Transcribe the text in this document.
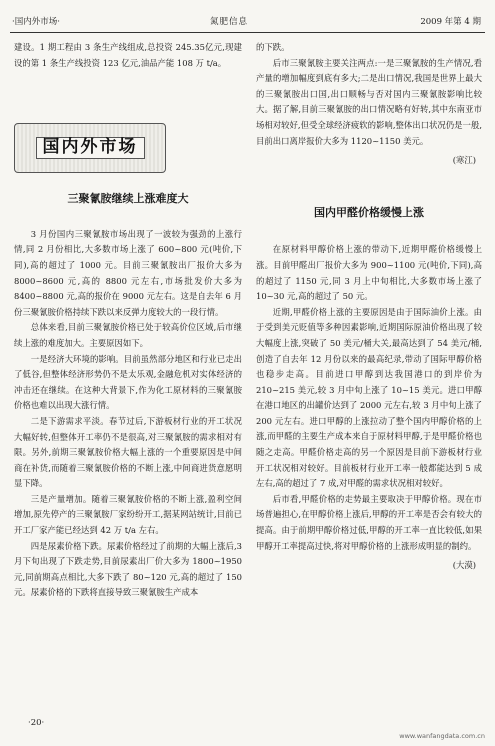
·国内外市场·	氮肥信息	2009 年第 4 期

建设。1 期工程由 3 条生产线组成,总投资 245.35亿元,现建设的第 1 条生产线投资 123 亿元,油品产能 108 万 t/a。

国内外市场
三聚氰胺继续上涨难度大

3 月份国内三聚氰胺市场出现了一波较为强劲的上涨行情,同 2 月份相比,大多数市场上涨了 600~800 元(吨价,下同),高的超过了 1000 元。目前三聚氰胺出厂报价大多为 8000~8600 元,高的 8800 元左右,市场批发价大多为 8400~8800 元,高的报价在 9000 元左右。这是自去年 6 月份三聚氰胺价格持续下跌以来反弹力度较大的一段行情。

总体来看,目前三聚氰胺价格已处于较高价位区域,后市继续上涨的难度加大。主要原因如下。

一是经济大环境的影响。目前虽然部分地区和行业已走出了低谷,但整体经济形势仍不是太乐观,金融危机对实体经济的冲击还在继续。在这种大背景下,作为化工原材料的三聚氰胺价格也难以出现大涨行情。

二是下游需求平淡。春节过后,下游板材行业的开工状况大幅好转,但整体开工率仍不是很高,对三聚氰胺的需求相对有限。另外,前期三聚氰胺价格大幅上涨的一个重要原因是中间商在补货,而随着三聚氰胺价格的不断上涨,中间商进货意愿明显下降。

三是产量增加。随着三聚氰胺价格的不断上涨,盈利空间增加,原先停产的三聚氰胺厂家纷纷开工,据某网站统计,目前已开工厂家产能已经达到 42 万 t/a 左右。

四是尿素价格下跌。尿素价格经过了前期的大幅上涨后,3 月下旬出现了下跌走势,目前尿素出厂价大多为 1800~1950 元,同前期高点相比,大多下跌了 80~120 元,高的超过了 150 元。尿素价格的下跌将直接导致三聚氰胺生产成本

的下跌。

后市三聚氰胺主要关注两点:一是三聚氰胺的生产情况,看产量的增加幅度到底有多大;二是出口情况,我国是世界上最大的三聚氰胺出口国,出口顺畅与否对国内三聚氰胺影响比较大。据了解,目前三聚氰胺的出口情况略有好转,其中东南亚市场相对较好,但受全球经济疲软的影响,整体出口状况仍是一般,目前出口离岸报价大多为 1120~1150 美元。

(寒江)
国内甲醛价格缓慢上涨

在原材料甲醇价格上涨的带动下,近期甲醛价格缓慢上涨。目前甲醛出厂报价大多为 900~1100 元(吨价,下同),高的超过了 1150 元,同 3 月上中旬相比,大多数市场上涨了 10~30 元,高的超过了 50 元。

近期,甲醛价格上涨的主要原因是由于国际油价上涨。由于受到美元贬值等多种因素影响,近期国际原油价格出现了较大幅度上涨,突破了 50 美元/桶大关,最高达到了 54 美元/桶,创造了自去年 12 月份以来的最高纪录,带动了国际甲醇价格也稳步走高。目前进口甲醇到达我国港口的到岸价为 210~215 美元,较 3 月中旬上涨了 10~15 美元。进口甲醇在港口地区的出罐价达到了 2000 元左右,较 3 月中旬上涨了 200 元左右。进口甲醇的上涨拉动了整个国内甲醇价格的上涨,而甲醛的主要生产成本来自于原材料甲醇,于是甲醛价格也随之走高。甲醛价格走高的另一个原因是目前下游板材行业开工状况相对较好。目前板材行业开工率一般都能达到 5 成左右,高的超过了 7 成,对甲醛的需求状况相对较好。

后市看,甲醛价格的走势最主要取决于甲醇价格。现在市场普遍担心,在甲醇价格上涨后,甲醇的开工率是否会有较大的提高。由于前期甲醇价格过低,甲醇的开工率一直比较低,如果甲醇开工率提高过快,将对甲醇价格的上涨形成明显的制约。

(大漠)
·20·
www.wanfangdata.com.cn
